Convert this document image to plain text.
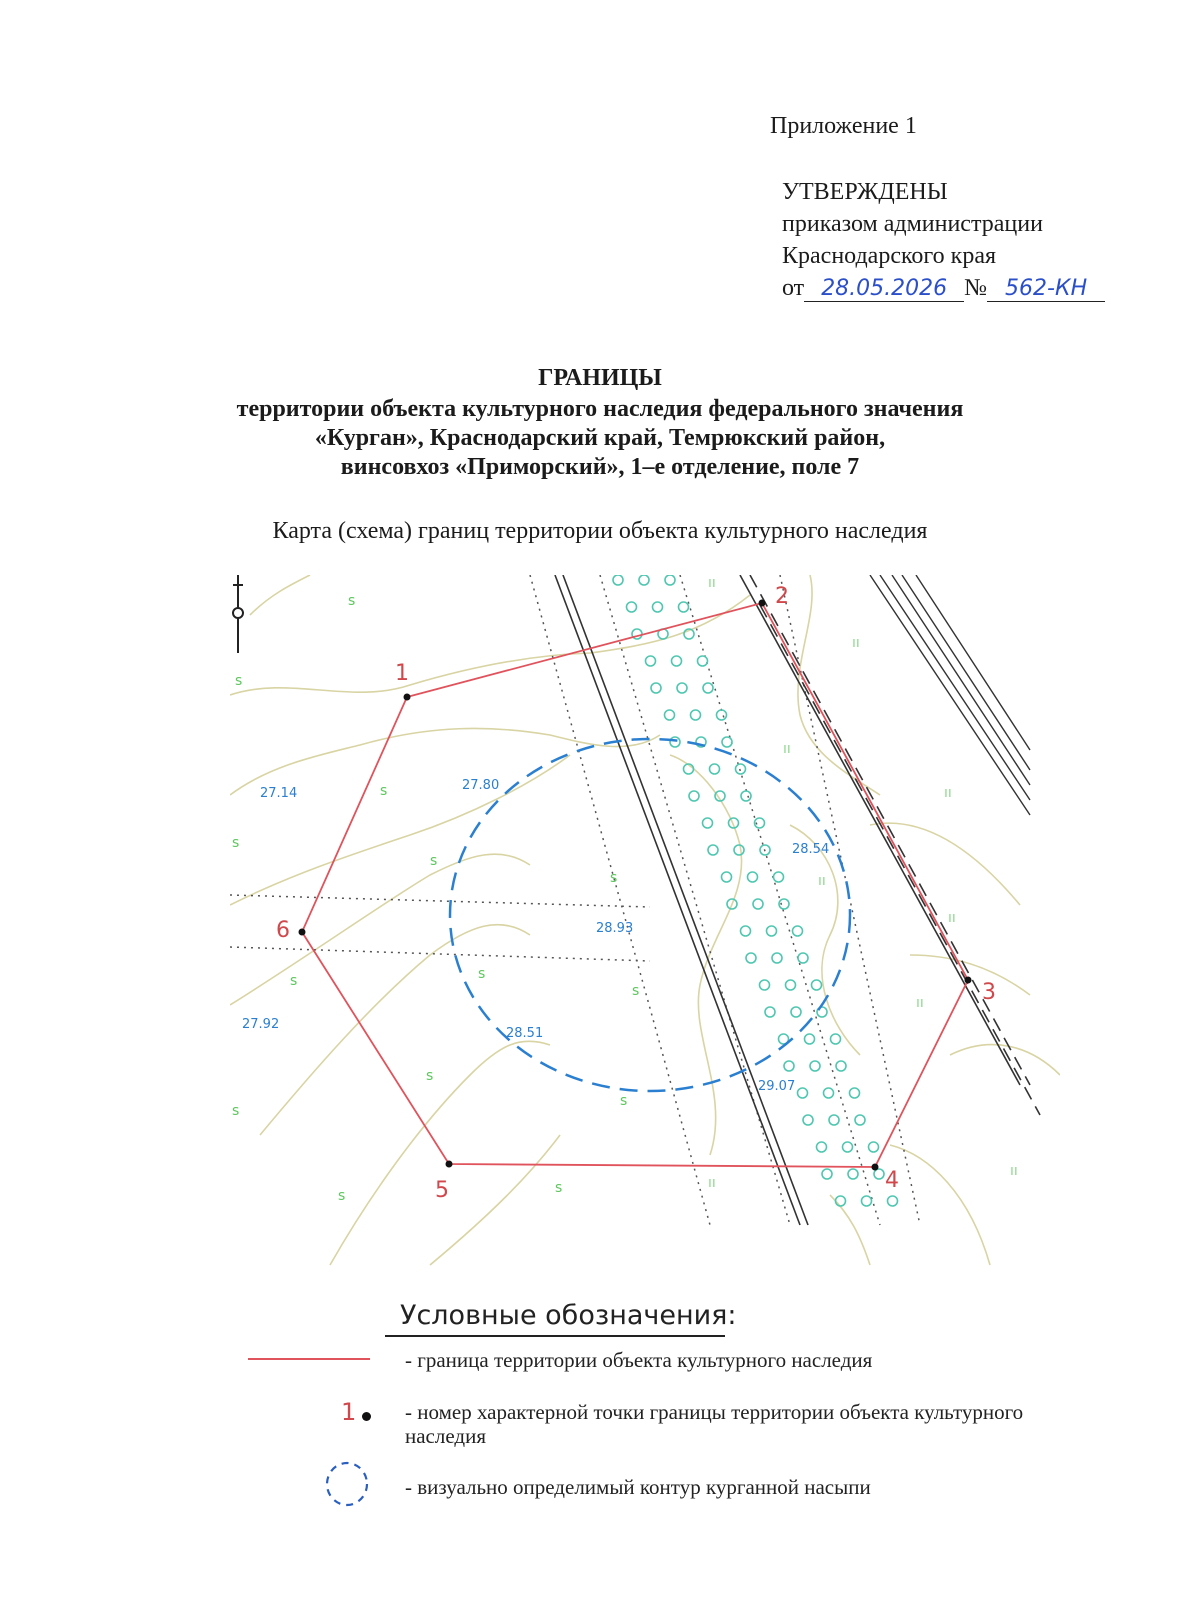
Приложение 1
УТВЕРЖДЕНЫ
приказом администрации
Краснодарского края
от 28.05.2026 № 562-КН
ГРАНИЦЫ
территории объекта культурного наследия федерального значения
«Курган», Краснодарский край, Темрюкский район,
винсовхоз «Приморский», 1–е отделение, поле 7
Карта (схема) границ территории объекта культурного наследия
s
s
s
s
s
s
s	s
s
s
s
s
s	s	ıı
ıı
ıı
ıı
ıı
ıı
ıı
ıı
ıı
1
2
3
4
5
6
27.14
27.80
28.54
28.93
27.92
28.51
29.07
Условные обозначения:
- граница территории объекта культурного наследия
1	- номер характерной точки границы территории объекта культурного наследия
- визуально определимый контур курганной насыпи
